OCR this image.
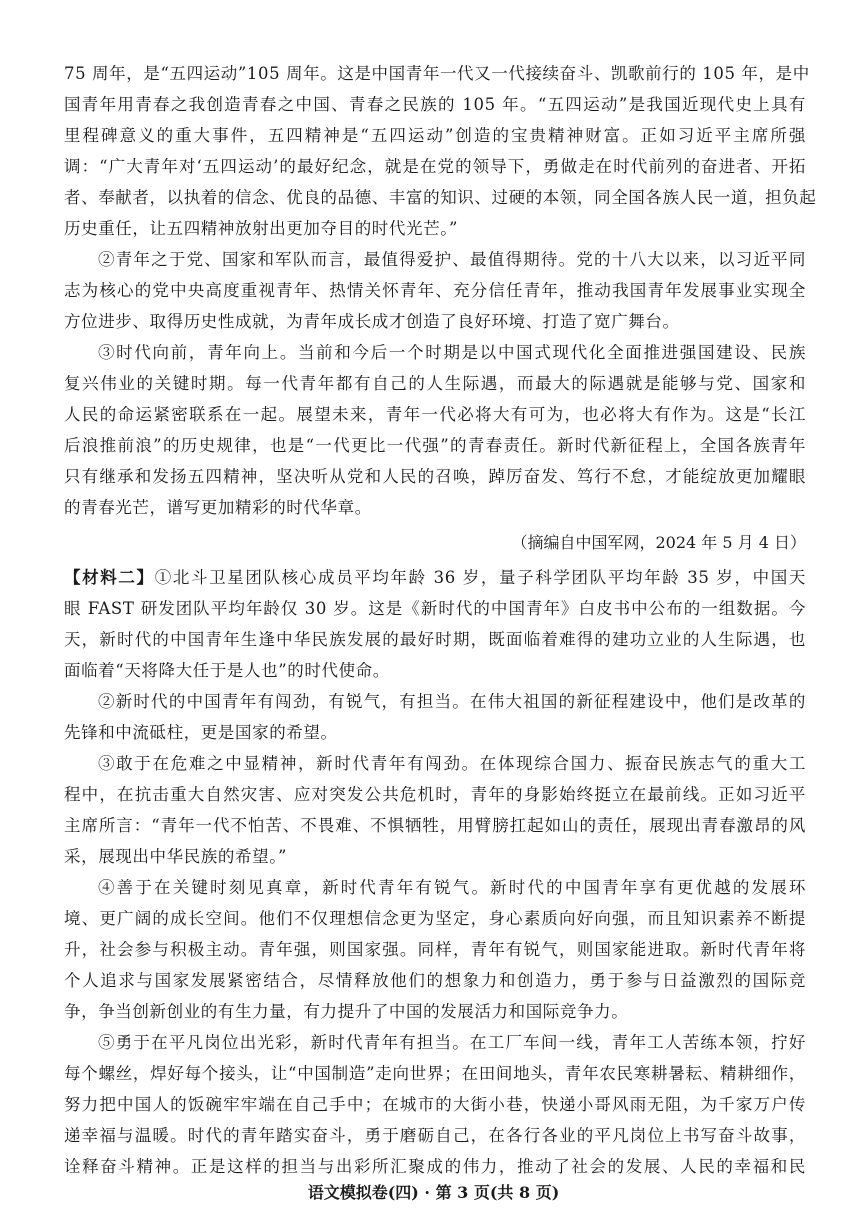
75 周年，是“五四运动”105 周年。这是中国青年一代又一代接续奋斗、凯歌前行的 105 年，是中
国青年用青春之我创造青春之中国、青春之民族的 105 年。“五四运动”是我国近现代史上具有
里程碑意义的重大事件，五四精神是“五四运动”创造的宝贵精神财富。正如习近平主席所强
调：“广大青年对‘五四运动’的最好纪念，就是在党的领导下，勇做走在时代前列的奋进者、开拓
者、奉献者，以执着的信念、优良的品德、丰富的知识、过硬的本领，同全国各族人民一道，担负起
历史重任，让五四精神放射出更加夺目的时代光芒。”
②青年之于党、国家和军队而言，最值得爱护、最值得期待。党的十八大以来，以习近平同
志为核心的党中央高度重视青年、热情关怀青年、充分信任青年，推动我国青年发展事业实现全
方位进步、取得历史性成就，为青年成长成才创造了良好环境、打造了宽广舞台。
③时代向前，青年向上。当前和今后一个时期是以中国式现代化全面推进强国建设、民族
复兴伟业的关键时期。每一代青年都有自己的人生际遇，而最大的际遇就是能够与党、国家和
人民的命运紧密联系在一起。展望未来，青年一代必将大有可为，也必将大有作为。这是“长江
后浪推前浪”的历史规律，也是“一代更比一代强”的青春责任。新时代新征程上，全国各族青年
只有继承和发扬五四精神，坚决听从党和人民的召唤，踔厉奋发、笃行不怠，才能绽放更加耀眼
的青春光芒，谱写更加精彩的时代华章。
（摘编自中国军网，2024 年 5 月 4 日）
【材料二】①北斗卫星团队核心成员平均年龄 36 岁，量子科学团队平均年龄 35 岁，中国天
眼 FAST 研发团队平均年龄仅 30 岁。这是《新时代的中国青年》白皮书中公布的一组数据。今
天，新时代的中国青年生逢中华民族发展的最好时期，既面临着难得的建功立业的人生际遇，也
面临着“天将降大任于是人也”的时代使命。
②新时代的中国青年有闯劲，有锐气，有担当。在伟大祖国的新征程建设中，他们是改革的
先锋和中流砥柱，更是国家的希望。
③敢于在危难之中显精神，新时代青年有闯劲。在体现综合国力、振奋民族志气的重大工
程中，在抗击重大自然灾害、应对突发公共危机时，青年的身影始终挺立在最前线。正如习近平
主席所言：“青年一代不怕苦、不畏难、不惧牺牲，用臂膀扛起如山的责任，展现出青春激昂的风
采，展现出中华民族的希望。”
④善于在关键时刻见真章，新时代青年有锐气。新时代的中国青年享有更优越的发展环
境、更广阔的成长空间。他们不仅理想信念更为坚定，身心素质向好向强，而且知识素养不断提
升，社会参与积极主动。青年强，则国家强。同样，青年有锐气，则国家能进取。新时代青年将
个人追求与国家发展紧密结合，尽情释放他们的想象力和创造力，勇于参与日益激烈的国际竞
争，争当创新创业的有生力量，有力提升了中国的发展活力和国际竞争力。
⑤勇于在平凡岗位出光彩，新时代青年有担当。在工厂车间一线，青年工人苦练本领，拧好
每个螺丝，焊好每个接头，让“中国制造”走向世界；在田间地头，青年农民寒耕暑耘、精耕细作，
努力把中国人的饭碗牢牢端在自己手中；在城市的大街小巷，快递小哥风雨无阻，为千家万户传
递幸福与温暖。时代的青年踏实奋斗，勇于磨砺自己，在各行各业的平凡岗位上书写奋斗故事，
诠释奋斗精神。正是这样的担当与出彩所汇聚成的伟力，推动了社会的发展、人民的幸福和民
语文模拟卷(四) · 第 3 页(共 8 页)
